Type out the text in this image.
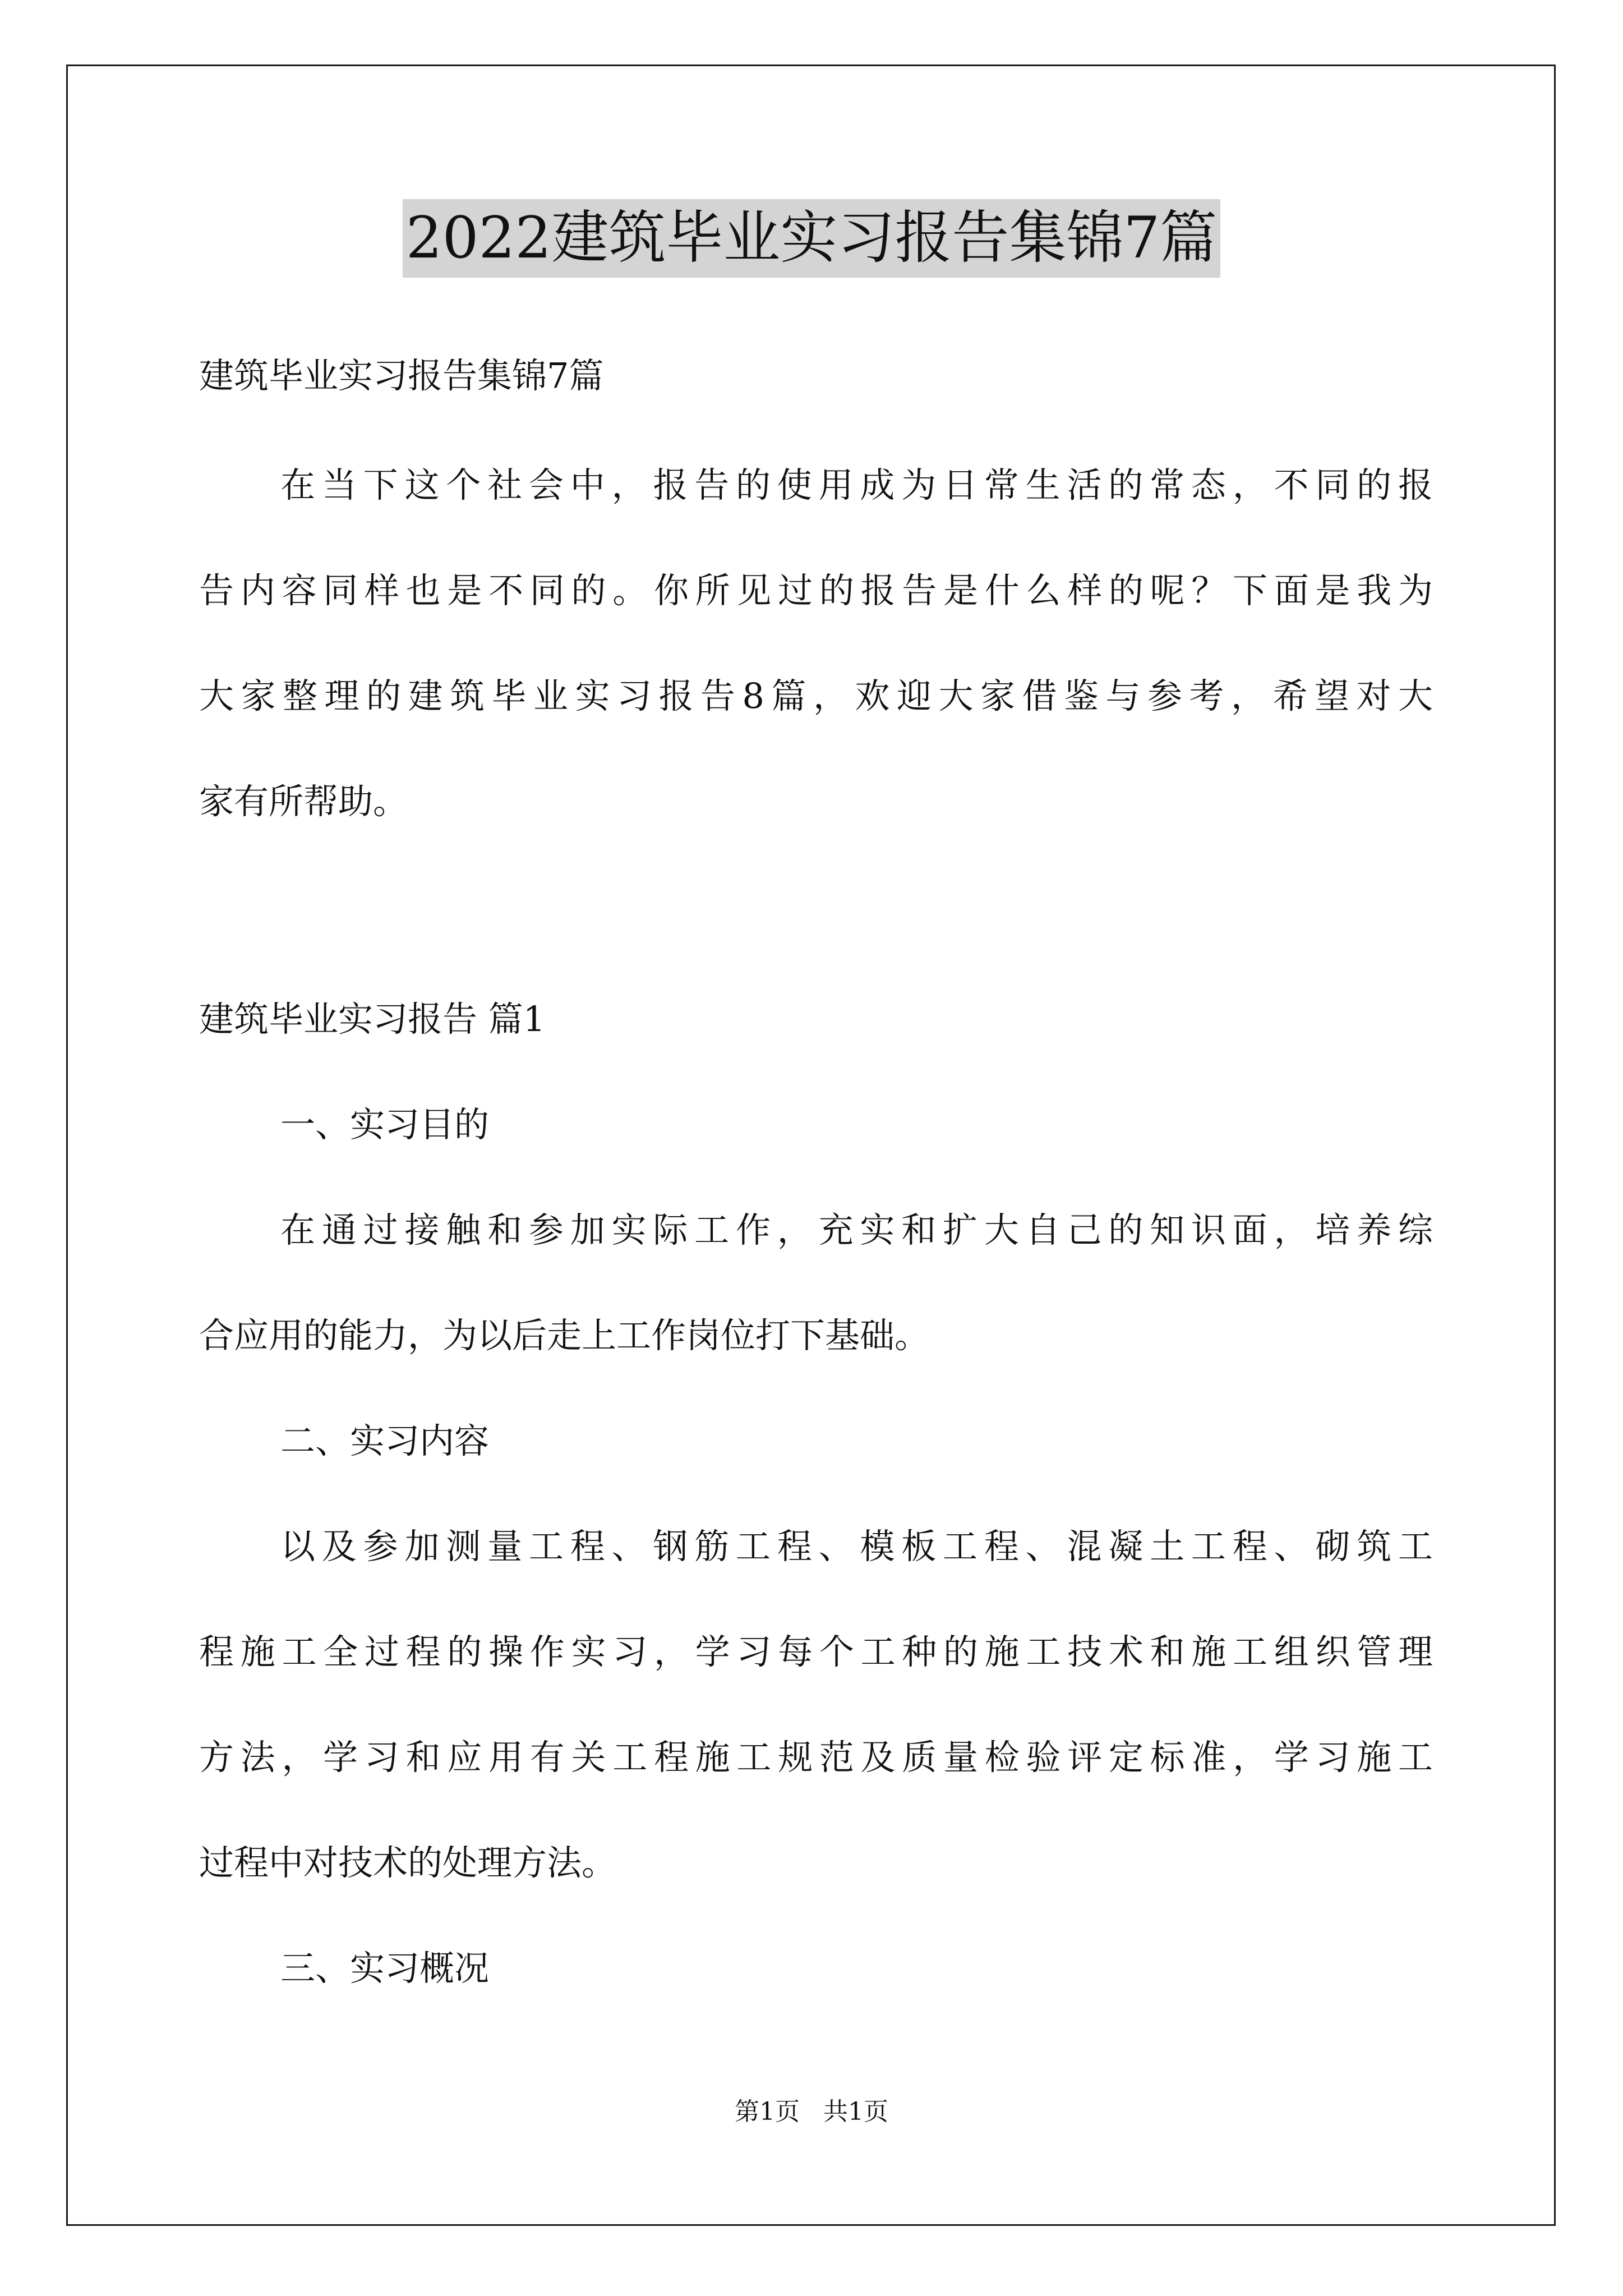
2022建筑毕业实习报告集锦7篇

建筑毕业实习报告集锦7篇

在当下这个社会中，报告的使用成为日常生活的常态，不同的报

告内容同样也是不同的。你所见过的报告是什么样的呢？下面是我为

大家整理的建筑毕业实习报告8篇，欢迎大家借鉴与参考，希望对大

家有所帮助。

建筑毕业实习报告 篇1

一、实习目的

在通过接触和参加实际工作，充实和扩大自己的知识面，培养综

合应用的能力，为以后走上工作岗位打下基础。

二、实习内容

以及参加测量工程、钢筋工程、模板工程、混凝土工程、砌筑工

程施工全过程的操作实习，学习每个工种的施工技术和施工组织管理

方法，学习和应用有关工程施工规范及质量检验评定标准，学习施工

过程中对技术的处理方法。

三、实习概况

第1页   共1页
